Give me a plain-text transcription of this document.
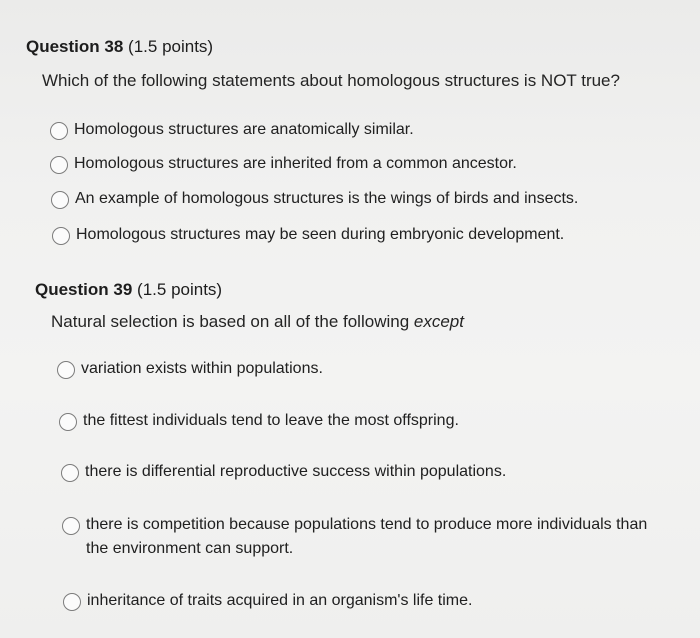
Question 38 (1.5 points)
Which of the following statements about homologous structures is NOT true?
Homologous structures are anatomically similar.
Homologous structures are inherited from a common ancestor.
An example of homologous structures is the wings of birds and insects.
Homologous structures may be seen during embryonic development.
Question 39 (1.5 points)
Natural selection is based on all of the following except
variation exists within populations.
the fittest individuals tend to leave the most offspring.
there is differential reproductive success within populations.
there is competition because populations tend to produce more individuals than the environment can support.
inheritance of traits acquired in an organism's life time.
